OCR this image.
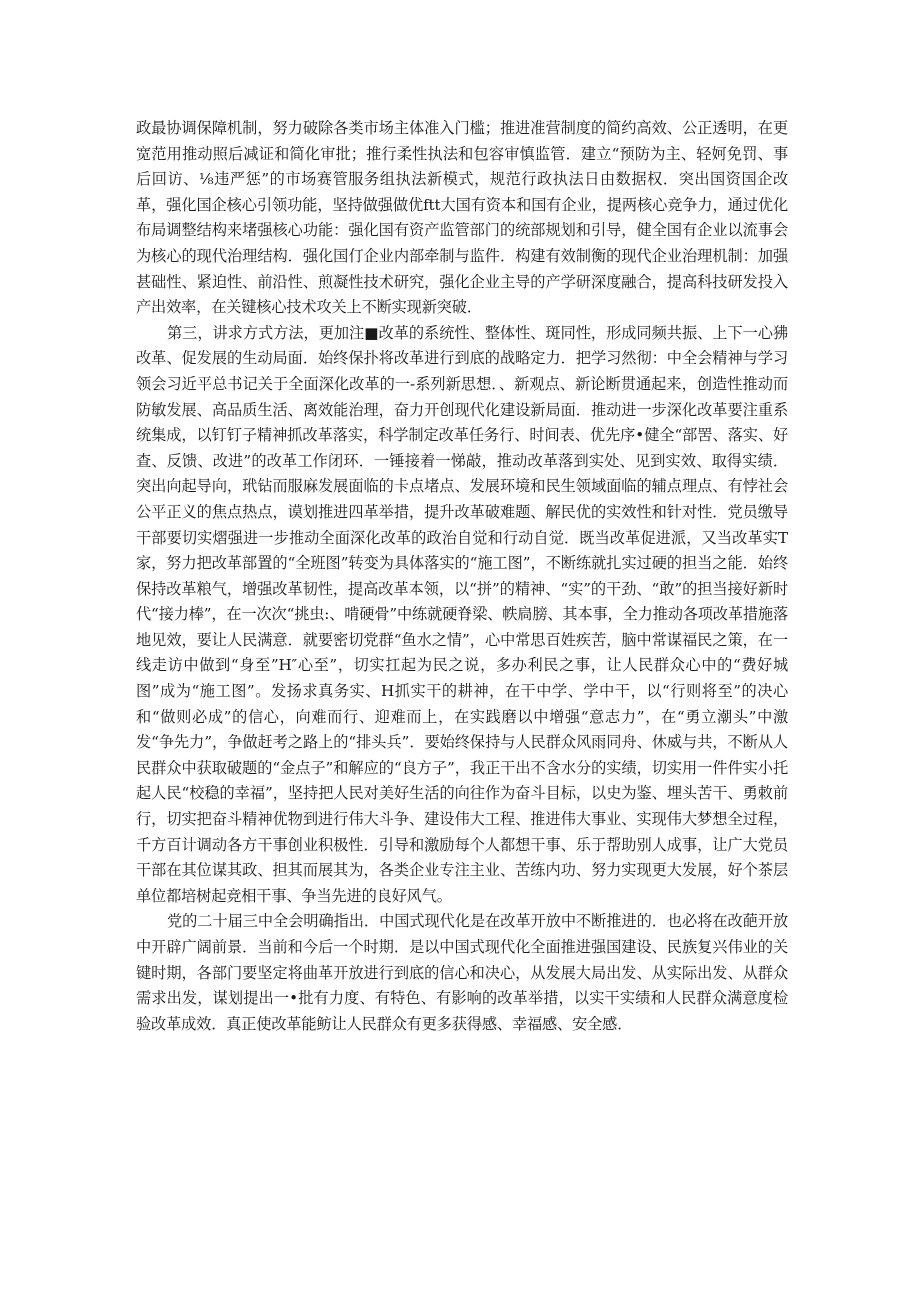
政最协调保障机制，努力破除各类市场主体准入门槛；推进准营制度的简约高效、公正透明，在更宽范用推动照后减证和简化审批；推行柔性执法和包容审慎监管．建立“预防为主、轻妸免罚、事后回访、⅛违严惩”的市场赛管服务组执法新模式，规范行政执法日由数据权．突出国资国企改革，强化国企核心引领功能，坚持做强做优ftt大国有资本和国有企业，提两核心竞争力，通过优化布局调整结构来堵强核心功能：强化国有资产监管部门的统部规划和引导，健全国有企业以流事会为核心的现代治理结构．强化国仃企业内部牵制与监件．构建有效制衡的现代企业治理机制：加强甚础性、紧迫性、前沿性、煎凝性技术研究，强化企业主导的产学研深度融合，提高科技研发投入产出效率，在关键核心技术攻关上不断实现新突破．

第三，讲求方式方法，更加注■改革的系统性、整体性、斑同性，形成同频共振、上下一心狒改革、促发展的生动局面．始终保扑将改革进行到底的战略定力．把学习然彻：中全会精神与学习领会习近平总书记关于全面深化改革的一-系列新思想．、新观点、新论断贯通起来，创造性推动而防敏发展、高品质生活、离效能治理，奋力开创现代化建设新局面．推动进一步深化改革要注重系统集成，以钉钉子精神抓改革落实，科学制定改革任务行、时间表、优先序•健全“部罟、落实、好查、反馈、改进”的改革工作闭环．一锤接着一悌敲，推动改革落到实处、见到实效、取得实绩．突出向起导向，玳钻而服麻发展面临的卡点堵点、发展环境和民生领域面临的辅点理点、有悖社会公平正义的焦点热点，谟划推进四革举措，提升改革破难题、解民优的实效性和针对性．党员缴导干部要切实熠强进一步推动全面深化改革的政治自觉和行动自觉．既当改革促进派，又当改革实T家，努力把改革部置的“全班图”转变为具体落实的“施工图”，不断练就扎实过硬的担当之能．始终保持改革粮气，增强改革韧性，提高改革本领，以“拼”的精神、“实”的干劲、“敢”的担当接好新时代“接力棒”，在一次次“挑虫:、啃硬骨”中练就硬脊梁、帙扃膀、其本事，全力推动各项改革措施落地见效，要让人民满意．就要密切党群“鱼水之情”，心中常思百姓疾苦，脑中常谋福民之策，在一线走访中做到“身至”H″心至”，切实扛起为民之说，多办利民之事，让人民群众心中的“费好城图”成为“施工图”。发扬求真务实、H抓实干的耕神，在干中学、学中干，以“行则将至”的决心和“做则必成”的信心，向难而行、迎难而上，在实践磨以中增强“意志力”，在“勇立潮头”中激发“争先力”，争做赶考之路上的“排头兵”．要始终保持与人民群众风雨同舟、休威与共，不断从人民群众中获取破题的“金点子”和解应的“良方子”，我正干出不含水分的实绩，切实用一件件实小托起人民“校稳的幸福”，坚持把人民对美好生活的向往作为奋斗目标，以史为鉴、埋头苦干、勇敕前行，切实把奋斗精神优物到进行伟大斗争、建设伟大工程、推进伟大事业、实现伟大梦想全过程，千方百计调动各方干事创业积极性．引导和激励每个人都想干事、乐于帮助别人成事，让广大党员干部在其位谋其政、担其而展其为，各类企业专注主业、苦练内功、努力实现更大发展，好个茶层单位都培树起竞相干事、争当先进的良好风气。

党的二十届三中全会明确指出．中国式现代化是在改革开放中不断推进的．也必将在改葩开放中开辟广阔前景．当前和今后一个时期．是以中国式现代化全面推进强国建设、民族复兴伟业的关键时期，各部门要坚定将曲革开放进行到底的信心和决心，从发展大局出发、从实际出发、从群众需求出发，谋划提出一•批有力度、有特色、有影响的改革举措，以实干实绩和人民群众满意度检验改革成效．真正使改革能鲂让人民群众有更多获得感、幸福感、安全感．
